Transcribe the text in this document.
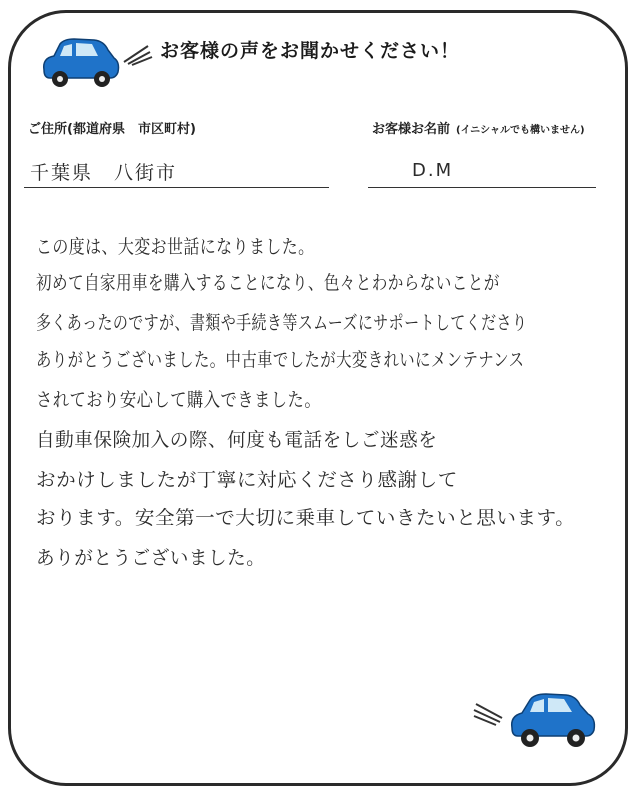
お客様の声をお聞かせください！
ご住所(都道府県　市区町村)	お客様お名前 (イニシャルでも構いません)
千葉県　八街市	D.M
この度は、大変お世話になりました。
初めて自家用車を購入することになり、色々とわからないことが
多くあったのですが、書類や手続き等スムーズにサポートしてくださり
ありがとうございました。中古車でしたが大変きれいにメンテナンス
されており安心して購入できました。
自動車保険加入の際、何度も電話をしご迷惑を
おかけしましたが丁寧に対応くださり感謝して
おります。安全第一で大切に乗車していきたいと思います。
ありがとうございました。
